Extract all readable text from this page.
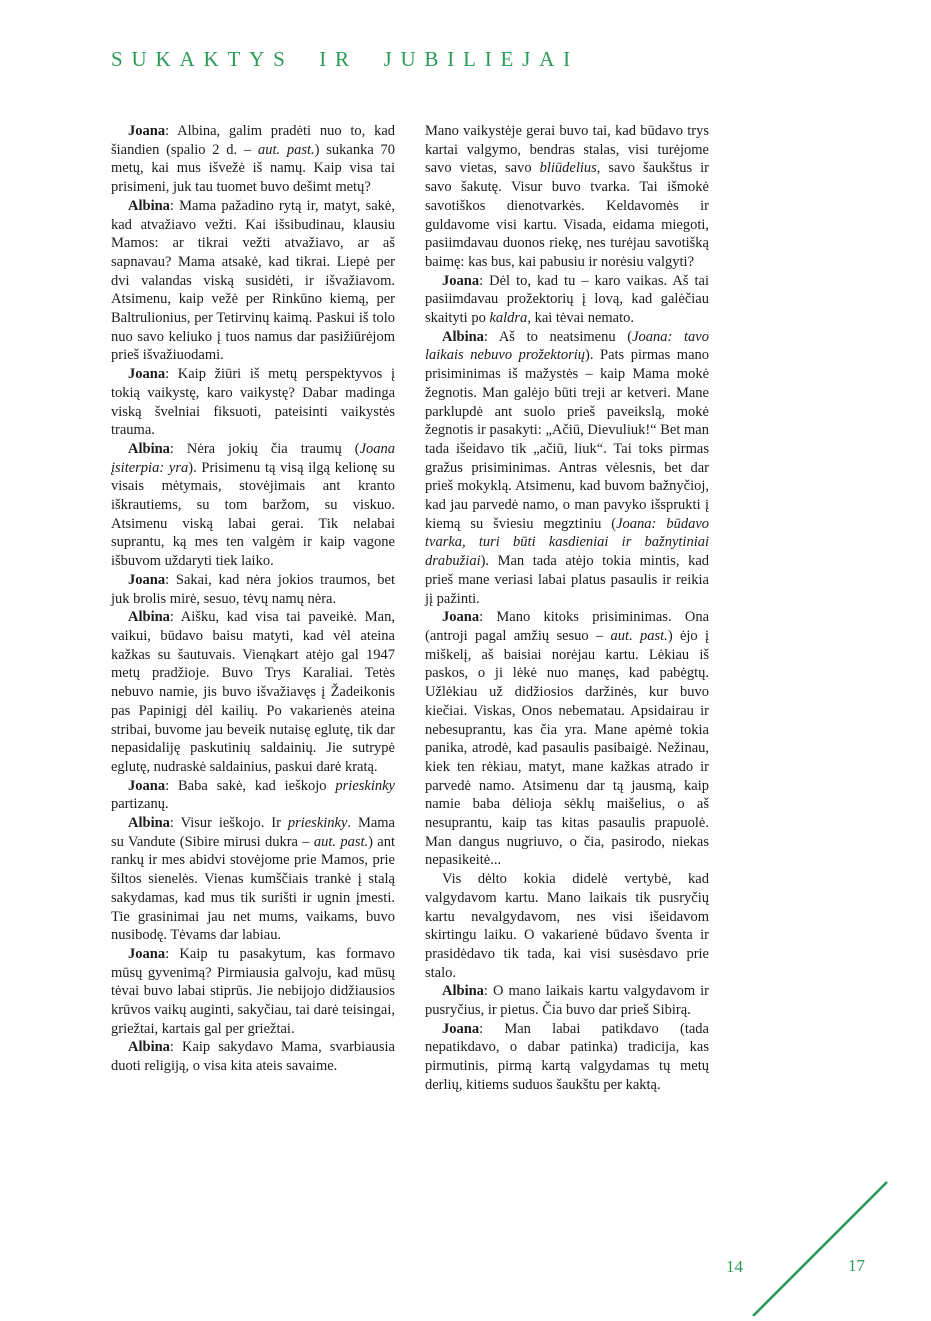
SUKAKTYS IR JUBILIEJAI

Joana: Albina, galim pradėti nuo to, kad šiandien (spalio 2 d. – aut. past.) sukanka 70 metų, kai mus išvežė iš namų. Kaip visa tai prisimeni, juk tau tuomet buvo dešimt metų?

Albina: Mama pažadino rytą ir, matyt, sakė, kad atvažiavo vežti. Kai išsibudinau, klausiu Mamos: ar tikrai vežti atvažiavo, ar aš sapnavau? Mama atsakė, kad tikrai. Liepė per dvi valandas viską susidėti, ir išvažiavom. Atsimenu, kaip vežė per Rinkūno kiemą, per Baltrulionius, per Tetirvinų kaimą. Paskui iš tolo nuo savo keliuko į tuos namus dar pasižiūrėjom prieš išvažiuodami.

Joana: Kaip žiūri iš metų perspektyvos į tokią vaikystę, karo vaikystę? Dabar madinga viską švelniai fiksuoti, pateisinti vaikystės trauma.

Albina: Nėra jokių čia traumų (Joana įsiterpia: yra). Prisimenu tą visą ilgą kelionę su visais mėtymais, stovėjimais ant kranto iškrautiems, su tom baržom, su viskuo. Atsimenu viską labai gerai. Tik nelabai suprantu, ką mes ten valgėm ir kaip vagone išbuvom uždaryti tiek laiko.

Joana: Sakai, kad nėra jokios traumos, bet juk brolis mirė, sesuo, tėvų namų nėra.

Albina: Aišku, kad visa tai paveikė. Man, vaikui, būdavo baisu matyti, kad vėl ateina kažkas su šautuvais. Vienąkart atėjo gal 1947 metų pradžioje. Buvo Trys Karaliai. Tetės nebuvo namie, jis buvo išvažiavęs į Žadeikonis pas Papinigį dėl kailių. Po vakarienės ateina stribai, buvome jau beveik nutaisę eglutę, tik dar nepasidaliję paskutinių saldainių. Jie sutrypė eglutę, nudraskė saldainius, paskui darė kratą.

Joana: Baba sakė, kad ieškojo prieskinky partizanų.

Albina: Visur ieškojo. Ir prieskinky. Mama su Vandute (Sibire mirusi dukra – aut. past.) ant rankų ir mes abidvi stovėjome prie Mamos, prie šiltos sienelės. Vienas kumščiais trankė į stalą sakydamas, kad mus tik surišti ir ugnin įmesti. Tie grasinimai jau net mums, vaikams, buvo nusibodę. Tėvams dar labiau.

Joana: Kaip tu pasakytum, kas formavo mūsų gyvenimą? Pirmiausia galvoju, kad mūsų tėvai buvo labai stiprūs. Jie nebijojo didžiausios krūvos vaikų auginti, sakyčiau, tai darė teisingai, griežtai, kartais gal per griežtai.

Albina: Kaip sakydavo Mama, svarbiausia duoti religiją, o visa kita ateis savaime.

Mano vaikystėje gerai buvo tai, kad būdavo trys kartai valgymo, bendras stalas, visi turėjome savo vietas, savo bliūdelius, savo šaukštus ir savo šakutę. Visur buvo tvarka. Tai išmokė savotiškos dienotvarkės. Keldavomės ir guldavome visi kartu. Visada, eidama miegoti, pasiimdavau duonos riekę, nes turėjau savotišką baimę: kas bus, kai pabusiu ir norėsiu valgyti?

Joana: Dėl to, kad tu – karo vaikas. Aš tai pasiimdavau prožektorių į lovą, kad galėčiau skaityti po kaldra, kai tėvai nemato.

Albina: Aš to neatsimenu (Joana: tavo laikais nebuvo prožektorių). Pats pirmas mano prisiminimas iš mažystės – kaip Mama mokė žegnotis. Man galėjo būti treji ar ketveri. Mane parklupdė ant suolo prieš paveikslą, mokė žegnotis ir pasakyti: „Ačiū, Dievuliuk!“ Bet man tada išeidavo tik „ačiū, liuk“. Tai toks pirmas gražus prisiminimas. Antras vėlesnis, bet dar prieš mokyklą. Atsimenu, kad buvom bažnyčioj, kad jau parvedė namo, o man pavyko išsprukti į kiemą su šviesiu megztiniu (Joana: būdavo tvarka, turi būti kasdieniai ir bažnytiniai drabužiai). Man tada atėjo tokia mintis, kad prieš mane veriasi labai platus pasaulis ir reikia jį pažinti.

Joana: Mano kitoks prisiminimas. Ona (antroji pagal amžių sesuo – aut. past.) ėjo į miškelį, aš baisiai norėjau kartu. Lėkiau iš paskos, o ji lėkė nuo manęs, kad pabėgtų. Užlėkiau už didžiosios daržinės, kur buvo kiečiai. Viskas, Onos nebematau. Apsidairau ir nebesuprantu, kas čia yra. Mane apėmė tokia panika, atrodė, kad pasaulis pasibaigė. Nežinau, kiek ten rėkiau, matyt, mane kažkas atrado ir parvedė namo. Atsimenu dar tą jausmą, kaip namie baba dėlioja sėklų maišelius, o aš nesuprantu, kaip tas kitas pasaulis prapuolė. Man dangus nugriuvo, o čia, pasirodo, niekas nepasikeitė...

Vis dėlto kokia didelė vertybė, kad valgydavom kartu. Mano laikais tik pusryčių kartu nevalgydavom, nes visi išeidavom skirtingu laiku. O vakarienė būdavo šventa ir prasidėdavo tik tada, kai visi susėsdavo prie stalo.

Albina: O mano laikais kartu valgydavom ir pusryčius, ir pietus. Čia buvo dar prieš Sibirą.

Joana: Man labai patikdavo (tada nepatikdavo, o dabar patinka) tradicija, kas pirmutinis, pirmą kartą valgydamas tų metų derlių, kitiems suduos šaukštu per kaktą.

14	17
